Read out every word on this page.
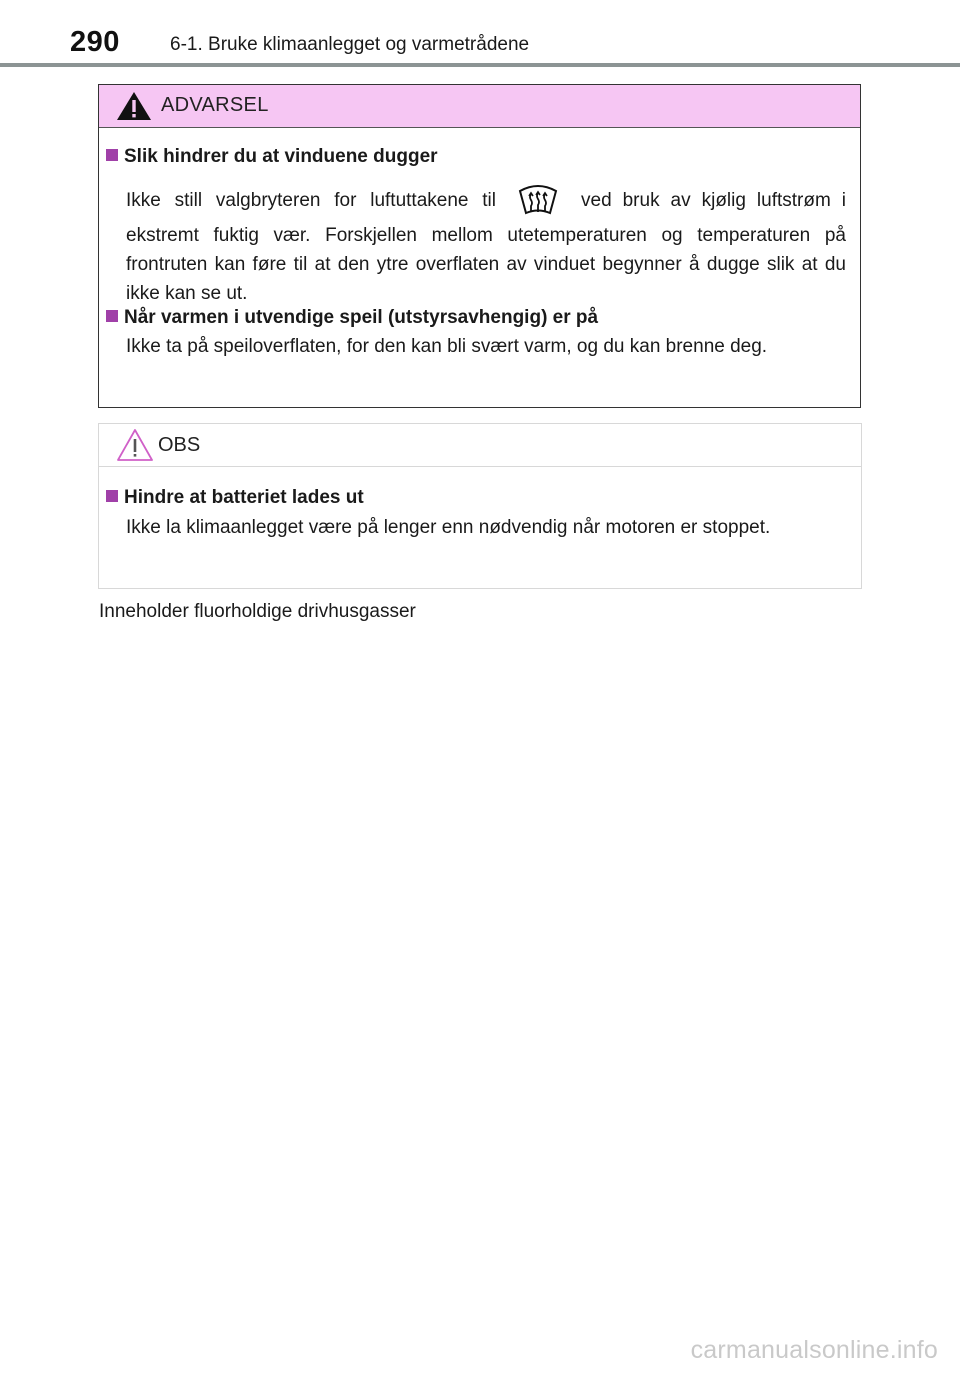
290	6-1. Bruke klimaanlegget og varmetrådene
ADVARSEL
Slik hindrer du at vinduene dugger
Ikke still valgbryteren for luftuttakene til	ved bruk av kjølig luftstrøm i
ekstremt fuktig vær. Forskjellen mellom utetemperaturen og temperaturen på frontruten kan føre til at den ytre overflaten av vinduet begynner å dugge slik at du ikke kan se ut.
Når varmen i utvendige speil (utstyrsavhengig) er på
Ikke ta på speiloverflaten, for den kan bli svært varm, og du kan brenne deg.
OBS
Hindre at batteriet lades ut
Ikke la klimaanlegget være på lenger enn nødvendig når motoren er stoppet.
Inneholder fluorholdige drivhusgasser
carmanualsonline.info
